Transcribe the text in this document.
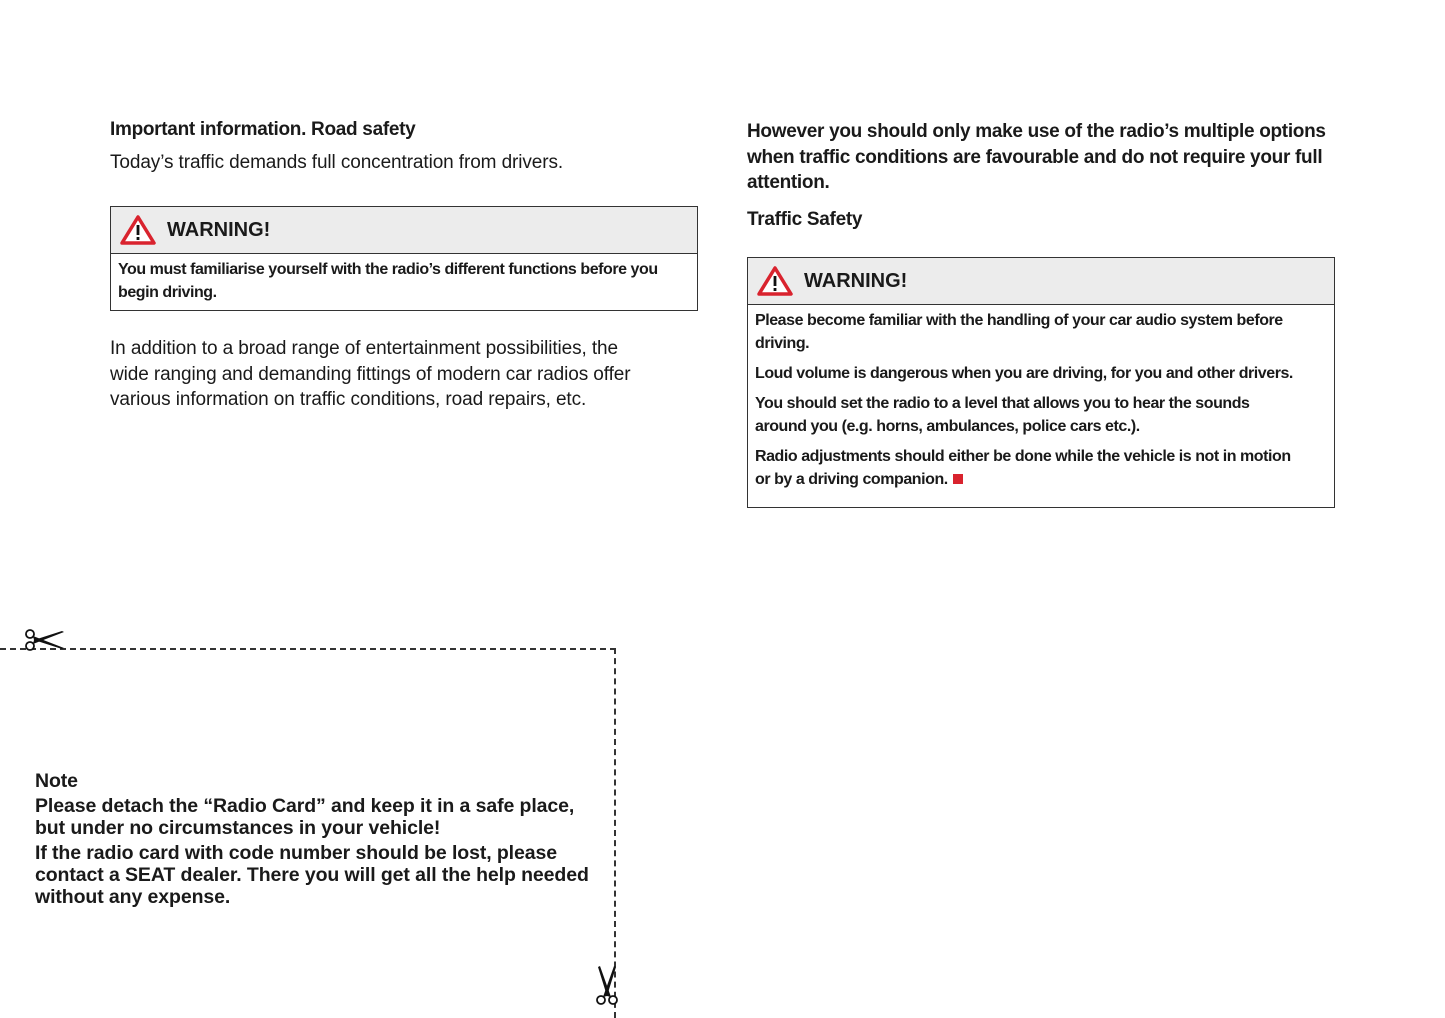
Important information. Road safety
Today’s traffic demands full concentration from drivers.
WARNING!

You must familiarise yourself with the radio’s different functions before you
begin driving.

In addition to a broad range of entertainment possibilities, the
wide ranging and demanding fittings of modern car radios offer
various information on traffic conditions, road repairs, etc.
However you should only make use of the radio’s multiple options
when traffic conditions are favourable and do not require your full
attention.
Traffic Safety
WARNING!

Please become familiar with the handling of your car audio system before
driving.

Loud volume is dangerous when you are driving, for you and other drivers.

You should set the radio to a level that allows you to hear the sounds
around you (e.g. horns, ambulances, police cars etc.).

Radio adjustments should either be done while the vehicle is not in motion
or by a driving companion.

Note
Please detach the “Radio Card” and keep it in a safe place,
but under no circumstances in your vehicle!
If the radio card with code number should be lost, please
contact a SEAT dealer. There you will get all the help needed
without any expense.
